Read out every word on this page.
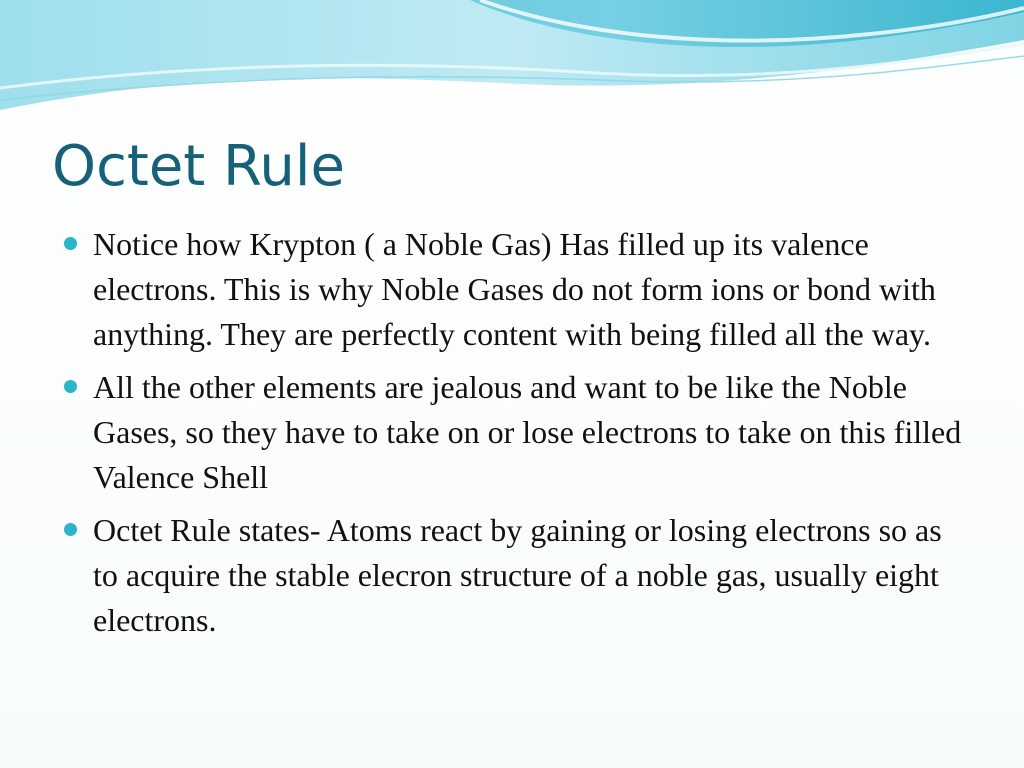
Octet Rule
Notice how Krypton ( a Noble Gas) Has filled up its valence electrons. This is why Noble Gases do not form ions or bond with anything. They are perfectly content with being filled all the way.
All the other elements are jealous and want to be like the Noble Gases, so they have to take on or lose electrons to take on this filled Valence Shell
Octet Rule states- Atoms react by gaining or losing electrons so as to acquire the stable elecron structure of a noble gas, usually eight electrons.
